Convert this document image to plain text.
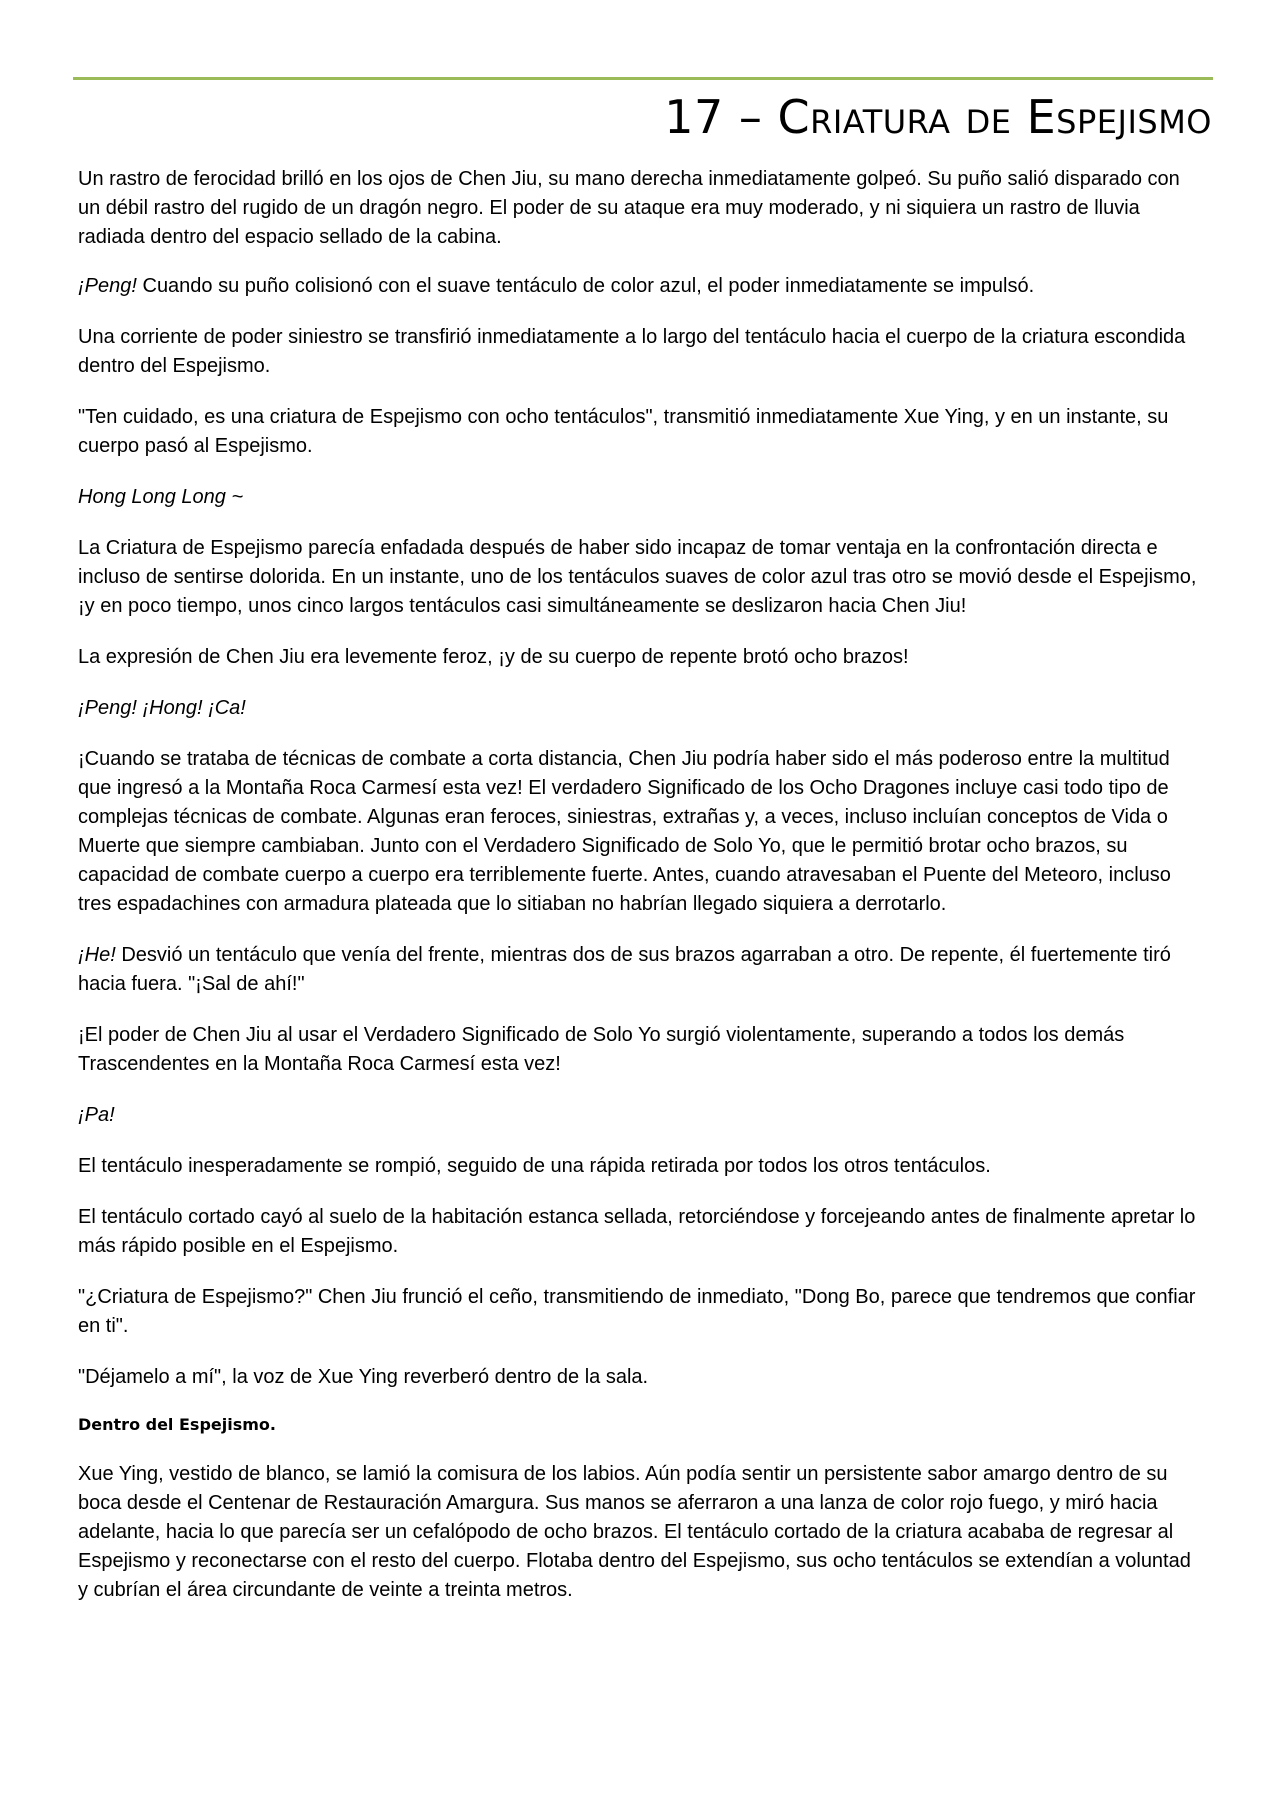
17 – Criatura de Espejismo

Un rastro de ferocidad brilló en los ojos de Chen Jiu, su mano derecha inmediatamente golpeó. Su puño salió disparado con un débil rastro del rugido de un dragón negro. El poder de su ataque era muy moderado, y ni siquiera un rastro de lluvia radiada dentro del espacio sellado de la cabina.

¡Peng! Cuando su puño colisionó con el suave tentáculo de color azul, el poder inmediatamente se impulsó.

Una corriente de poder siniestro se transfirió inmediatamente a lo largo del tentáculo hacia el cuerpo de la criatura escondida dentro del Espejismo.

"Ten cuidado, es una criatura de Espejismo con ocho tentáculos", transmitió inmediatamente Xue Ying, y en un instante, su cuerpo pasó al Espejismo.

Hong Long Long ~

La Criatura de Espejismo parecía enfadada después de haber sido incapaz de tomar ventaja en la confrontación directa e incluso de sentirse dolorida. En un instante, uno de los tentáculos suaves de color azul tras otro se movió desde el Espejismo, ¡y en poco tiempo, unos cinco largos tentáculos casi simultáneamente se deslizaron hacia Chen Jiu!

La expresión de Chen Jiu era levemente feroz, ¡y de su cuerpo de repente brotó ocho brazos!

¡Peng! ¡Hong! ¡Ca!

¡Cuando se trataba de técnicas de combate a corta distancia, Chen Jiu podría haber sido el más poderoso entre la multitud que ingresó a la Montaña Roca Carmesí esta vez! El verdadero Significado de los Ocho Dragones incluye casi todo tipo de complejas técnicas de combate. Algunas eran feroces, siniestras, extrañas y, a veces, incluso incluían conceptos de Vida o Muerte que siempre cambiaban. Junto con el Verdadero Significado de Solo Yo, que le permitió brotar ocho brazos, su capacidad de combate cuerpo a cuerpo era terriblemente fuerte. Antes, cuando atravesaban el Puente del Meteoro, incluso tres espadachines con armadura plateada que lo sitiaban no habrían llegado siquiera a derrotarlo.

¡He! Desvió un tentáculo que venía del frente, mientras dos de sus brazos agarraban a otro. De repente, él fuertemente tiró hacia fuera. "¡Sal de ahí!"

¡El poder de Chen Jiu al usar el Verdadero Significado de Solo Yo surgió violentamente, superando a todos los demás Trascendentes en la Montaña Roca Carmesí esta vez!

¡Pa!

El tentáculo inesperadamente se rompió, seguido de una rápida retirada por todos los otros tentáculos.

El tentáculo cortado cayó al suelo de la habitación estanca sellada, retorciéndose y forcejeando antes de finalmente apretar lo más rápido posible en el Espejismo.

"¿Criatura de Espejismo?" Chen Jiu frunció el ceño, transmitiendo de inmediato, "Dong Bo, parece que tendremos que confiar en ti".

"Déjamelo a mí", la voz de Xue Ying reverberó dentro de la sala.

Dentro del Espejismo.

Xue Ying, vestido de blanco, se lamió la comisura de los labios. Aún podía sentir un persistente sabor amargo dentro de su boca desde el Centenar de Restauración Amargura. Sus manos se aferraron a una lanza de color rojo fuego, y miró hacia adelante, hacia lo que parecía ser un cefalópodo de ocho brazos. El tentáculo cortado de la criatura acababa de regresar al Espejismo y reconectarse con el resto del cuerpo. Flotaba dentro del Espejismo, sus ocho tentáculos se extendían a voluntad y cubrían el área circundante de veinte a treinta metros.
